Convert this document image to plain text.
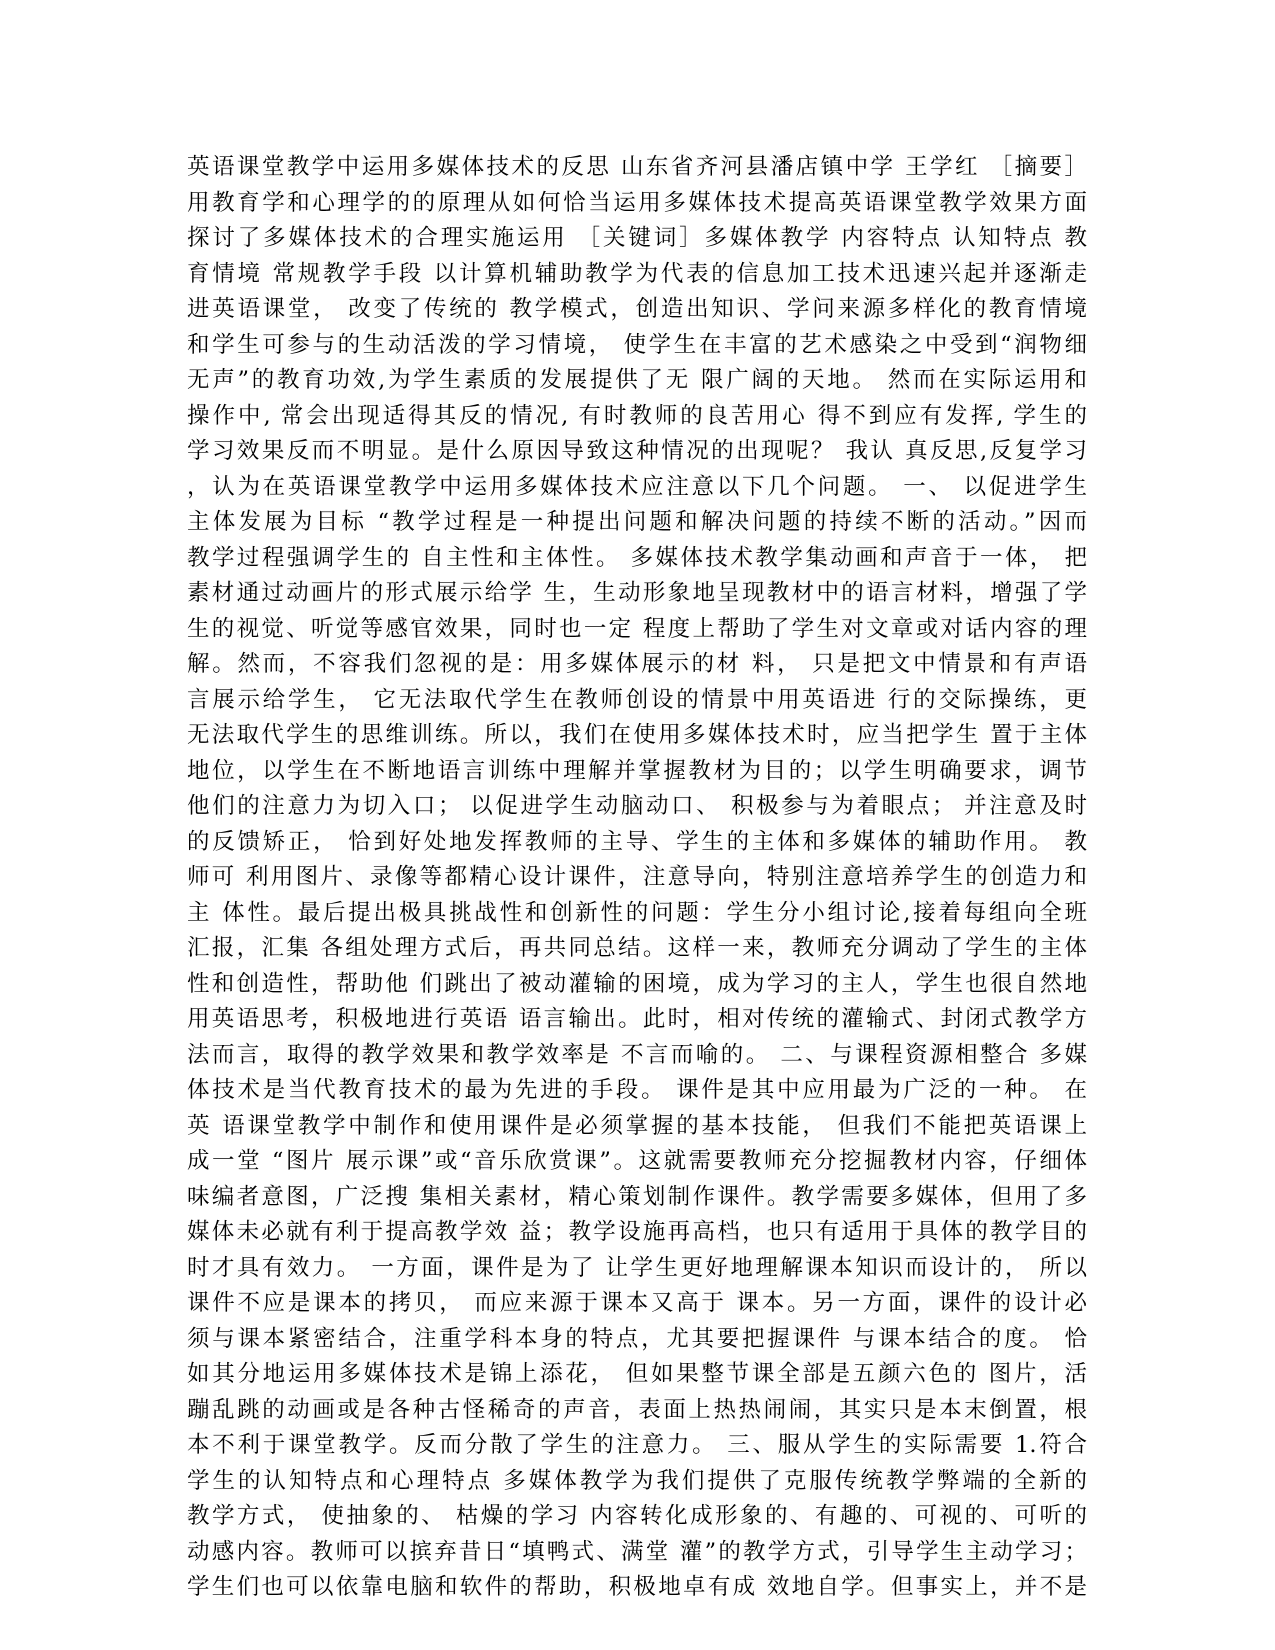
英语课堂教学中运用多媒体技术的反思 山东省齐河县潘店镇中学 王学红 ［摘要］
用教育学和心理学的的原理从如何恰当运用多媒体技术提高英语课堂教学效果方面
探讨了多媒体技术的合理实施运用 ［关键词］多媒体教学 内容特点 认知特点 教
育情境 常规教学手段 以计算机辅助教学为代表的信息加工技术迅速兴起并逐渐走
进英语课堂， 改变了传统的 教学模式，创造出知识、学问来源多样化的教育情境
和学生可参与的生动活泼的学习情境， 使学生在丰富的艺术感染之中受到“润物细
无声”的教育功效,为学生素质的发展提供了无 限广阔的天地。 然而在实际运用和
操作中, 常会出现适得其反的情况, 有时教师的良苦用心 得不到应有发挥, 学生的
学习效果反而不明显。是什么原因导致这种情况的出现呢？ 我认 真反思,反复学习
，认为在英语课堂教学中运用多媒体技术应注意以下几个问题。 一、 以促进学生
主体发展为目标 “教学过程是一种提出问题和解决问题的持续不断的活动。”因而
教学过程强调学生的 自主性和主体性。 多媒体技术教学集动画和声音于一体， 把
素材通过动画片的形式展示给学 生，生动形象地呈现教材中的语言材料，增强了学
生的视觉、听觉等感官效果，同时也一定 程度上帮助了学生对文章或对话内容的理
解。然而，不容我们忽视的是：用多媒体展示的材 料， 只是把文中情景和有声语
言展示给学生， 它无法取代学生在教师创设的情景中用英语进 行的交际操练，更
无法取代学生的思维训练。所以，我们在使用多媒体技术时，应当把学生 置于主体
地位，以学生在不断地语言训练中理解并掌握教材为目的；以学生明确要求，调节
他们的注意力为切入口； 以促进学生动脑动口、 积极参与为着眼点； 并注意及时
的反馈矫正， 恰到好处地发挥教师的主导、学生的主体和多媒体的辅助作用。 教
师可 利用图片、录像等都精心设计课件，注意导向，特别注意培养学生的创造力和
主 体性。最后提出极具挑战性和创新性的问题：学生分小组讨论,接着每组向全班
汇报，汇集 各组处理方式后，再共同总结。这样一来，教师充分调动了学生的主体
性和创造性，帮助他 们跳出了被动灌输的困境，成为学习的主人，学生也很自然地
用英语思考，积极地进行英语 语言输出。此时，相对传统的灌输式、封闭式教学方
法而言，取得的教学效果和教学效率是 不言而喻的。 二、与课程资源相整合 多媒
体技术是当代教育技术的最为先进的手段。 课件是其中应用最为广泛的一种。 在
英 语课堂教学中制作和使用课件是必须掌握的基本技能， 但我们不能把英语课上
成一堂 “图片 展示课”或“音乐欣赏课”。这就需要教师充分挖掘教材内容，仔细体
味编者意图，广泛搜 集相关素材，精心策划制作课件。教学需要多媒体，但用了多
媒体未必就有利于提高教学效 益；教学设施再高档，也只有适用于具体的教学目的
时才具有效力。 一方面，课件是为了 让学生更好地理解课本知识而设计的， 所以
课件不应是课本的拷贝， 而应来源于课本又高于 课本。另一方面，课件的设计必
须与课本紧密结合，注重学科本身的特点，尤其要把握课件 与课本结合的度。 恰
如其分地运用多媒体技术是锦上添花， 但如果整节课全部是五颜六色的 图片，活
蹦乱跳的动画或是各种古怪稀奇的声音，表面上热热闹闹，其实只是本末倒置，根
本不利于课堂教学。反而分散了学生的注意力。 三、服从学生的实际需要 1.符合
学生的认知特点和心理特点 多媒体教学为我们提供了克服传统教学弊端的全新的
教学方式， 使抽象的、 枯燥的学习 内容转化成形象的、有趣的、可视的、可听的
动感内容。教师可以摈弃昔日“填鸭式、满堂 灌”的教学方式，引导学生主动学习；
学生们也可以依靠电脑和软件的帮助，积极地卓有成 效地自学。但事实上，并不是
